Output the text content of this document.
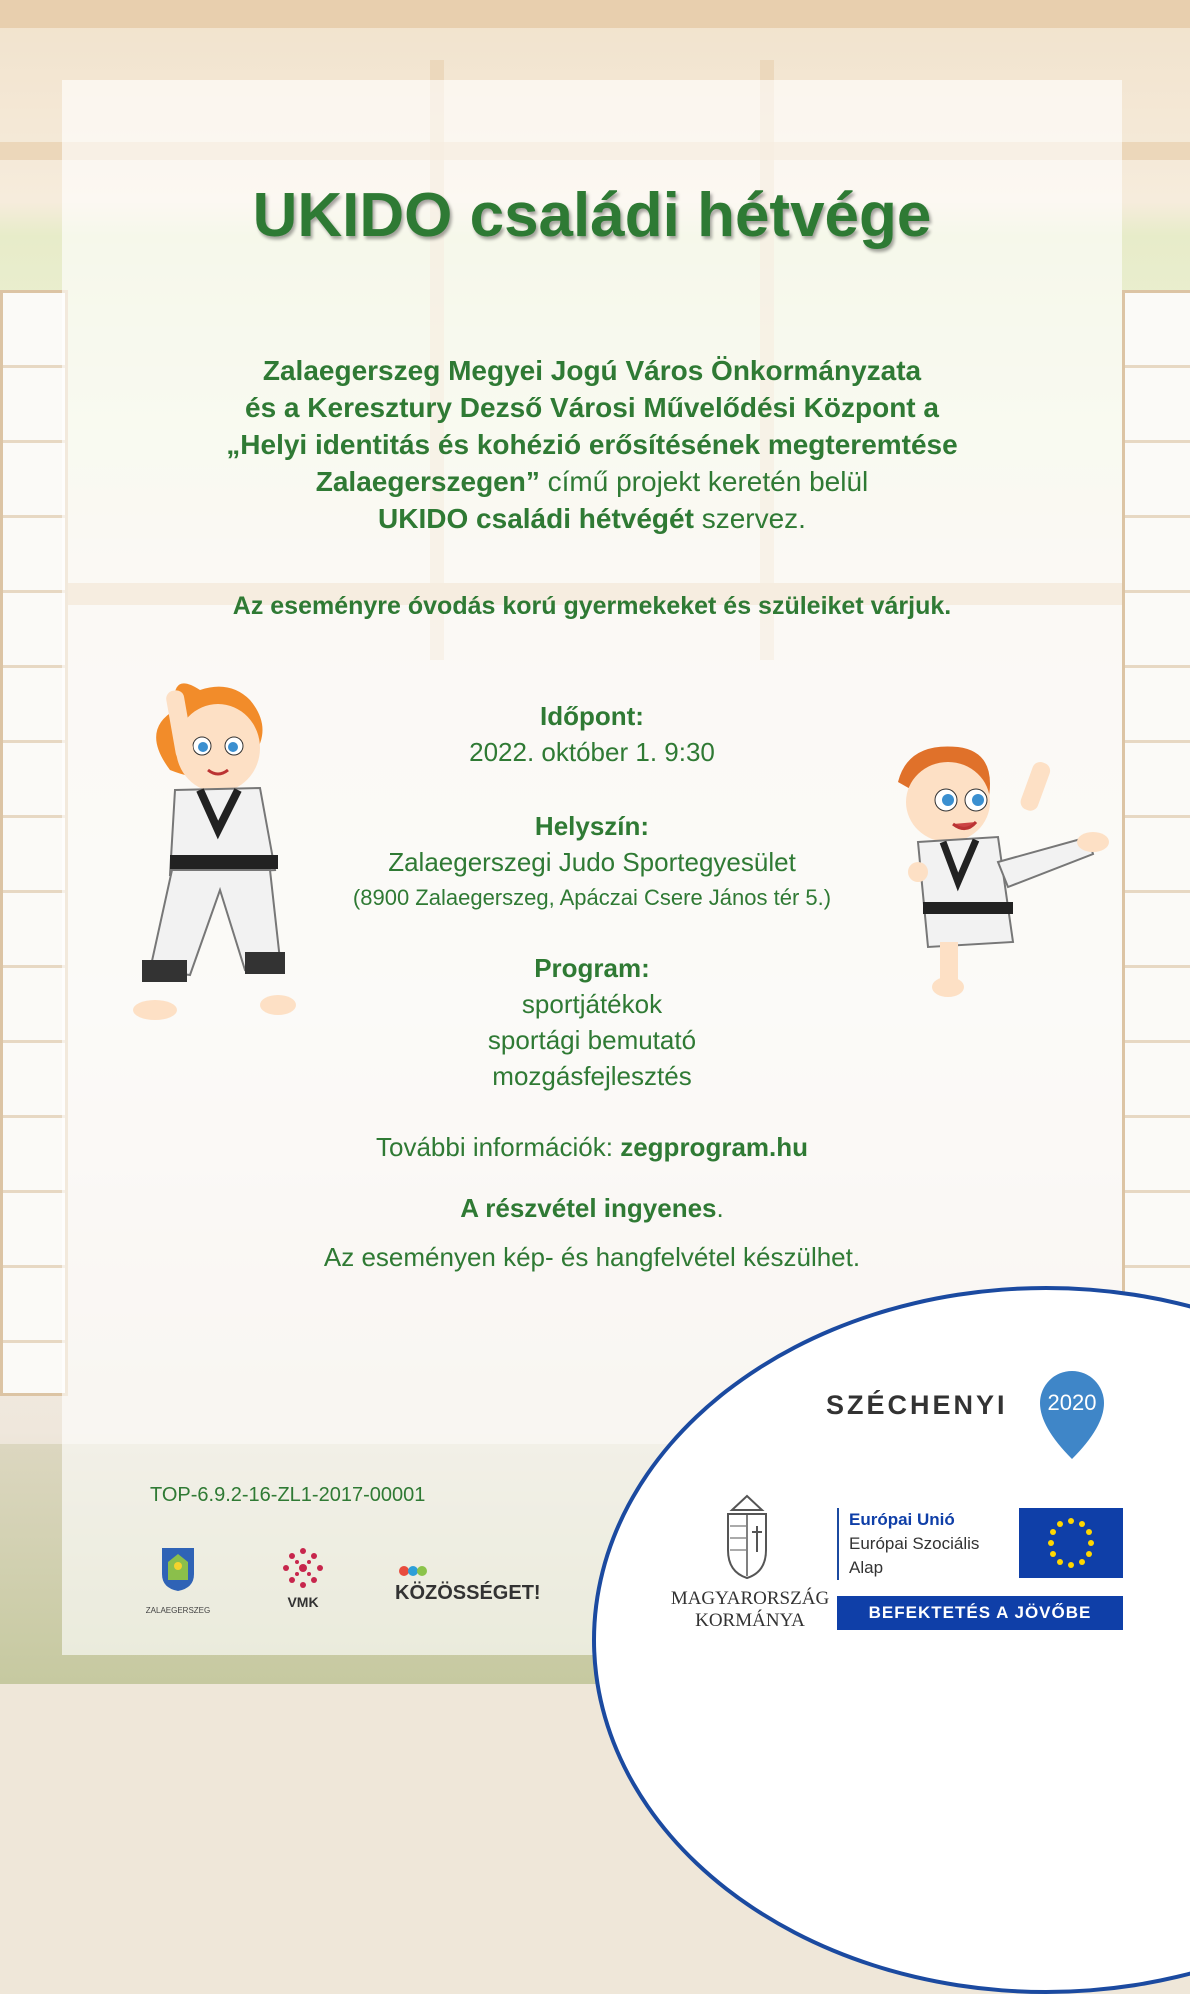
UKIDO családi hétvége
Zalaegerszeg Megyei Jogú Város Önkormányzata
és a Keresztury Dezső Városi Művelődési Központ a
„Helyi identitás és kohézió erősítésének megteremtése
Zalaegerszegen” című projekt keretén belül
UKIDO családi hétvégét szervez.
Az eseményre óvodás korú gyermekeket és szüleiket várjuk.
Időpont:
2022. október 1. 9:30
Helyszín:
Zalaegerszegi Judo Sportegyesület
(8900 Zalaegerszeg, Apáczai Csere János tér 5.)
Program:
sportjátékok
sportági bemutató
mozgásfejlesztés
További információk: zegprogram.hu
A részvétel ingyenes.
Az eseményen kép- és hangfelvétel készülhet.
TOP-6.9.2-16-ZL1-2017-00001
ZALAEGERSZEG
VMK	KÖZÖSSÉGET!
SZÉCHENYI	2020
MAGYARORSZÁG
KORMÁNYA
Európai Unió
Európai Szociális
Alap
BEFEKTETÉS A JÖVŐBE
